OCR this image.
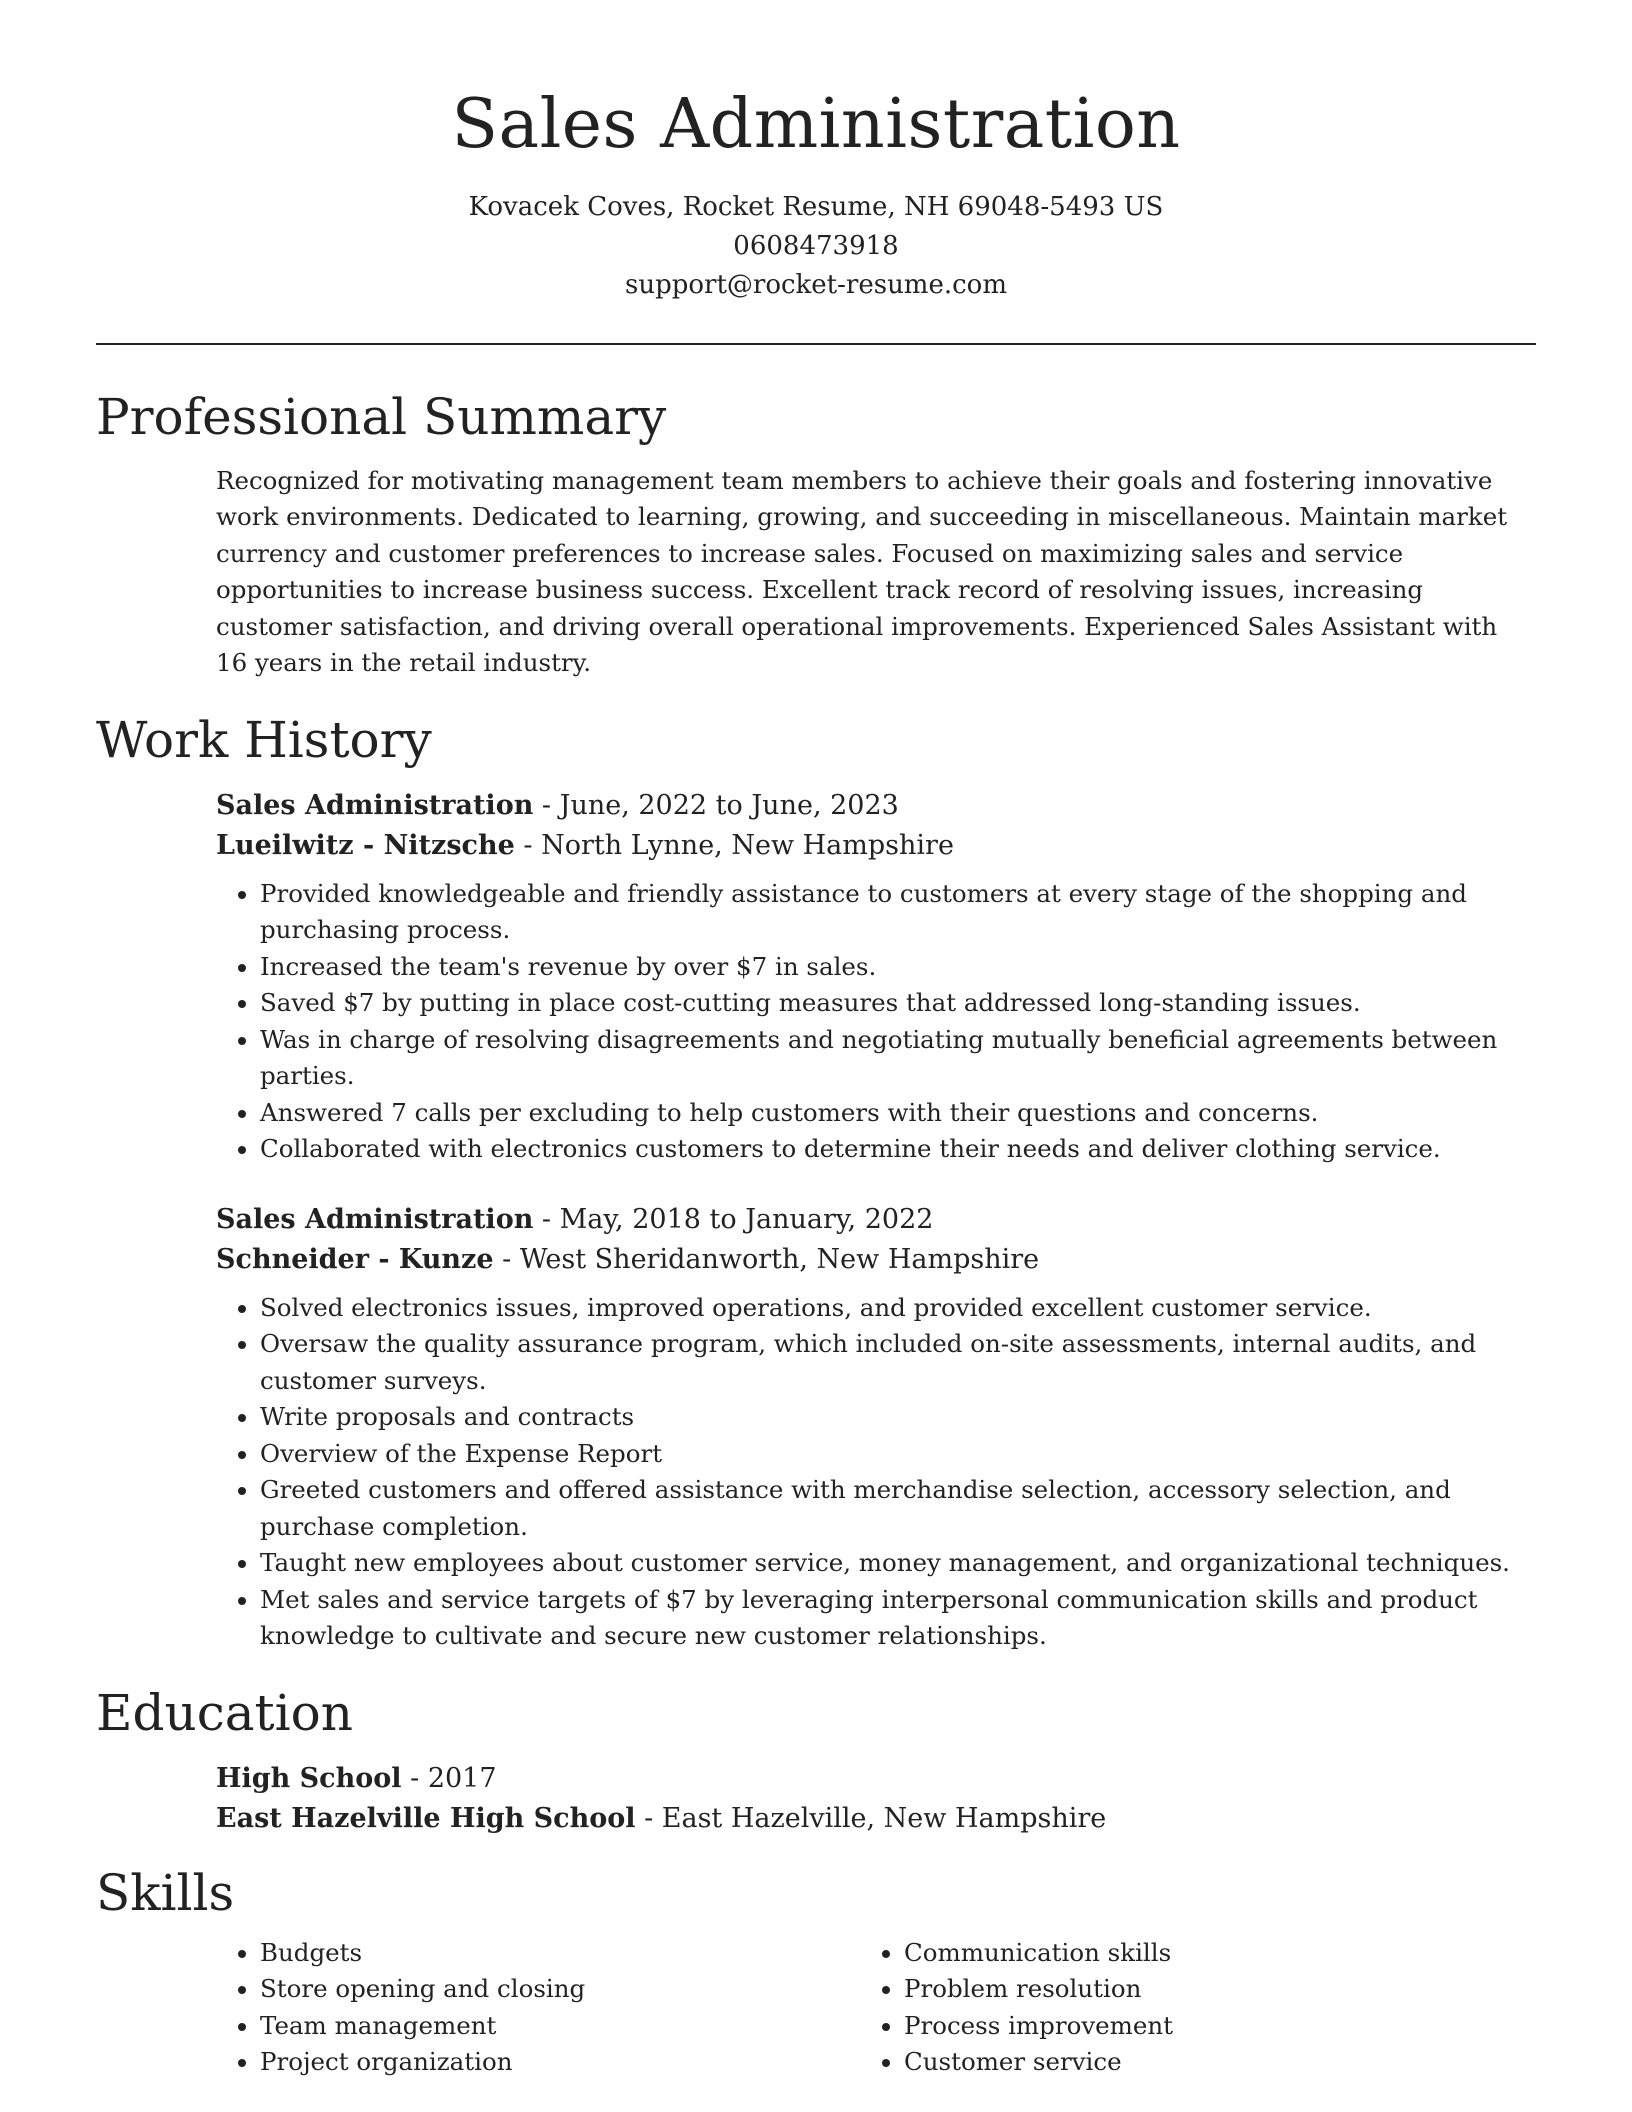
Sales Administration
Kovacek Coves, Rocket Resume, NH 69048-5493 US
0608473918
support@rocket-resume.com
Professional Summary

Recognized for motivating management team members to achieve their goals and fostering innovative work environments. Dedicated to learning, growing, and succeeding in miscellaneous. Maintain market currency and customer preferences to increase sales. Focused on maximizing sales and service opportunities to increase business success. Excellent track record of resolving issues, increasing customer satisfaction, and driving overall operational improvements. Experienced Sales Assistant with 16 years in the retail industry.

Work History
Sales Administration - June, 2022 to June, 2023
Lueilwitz - Nitzsche - North Lynne, New Hampshire
• Provided knowledgeable and friendly assistance to customers at every stage of the shopping and purchasing process.
• Increased the team's revenue by over $7 in sales.
• Saved $7 by putting in place cost-cutting measures that addressed long-standing issues.
• Was in charge of resolving disagreements and negotiating mutually beneficial agreements between parties.
• Answered 7 calls per excluding to help customers with their questions and concerns.
• Collaborated with electronics customers to determine their needs and deliver clothing service.
Sales Administration - May, 2018 to January, 2022
Schneider - Kunze - West Sheridanworth, New Hampshire
• Solved electronics issues, improved operations, and provided excellent customer service.
• Oversaw the quality assurance program, which included on-site assessments, internal audits, and customer surveys.
• Write proposals and contracts
• Overview of the Expense Report
• Greeted customers and offered assistance with merchandise selection, accessory selection, and purchase completion.
• Taught new employees about customer service, money management, and organizational techniques.
• Met sales and service targets of $7 by leveraging interpersonal communication skills and product knowledge to cultivate and secure new customer relationships.
Education
High School - 2017
East Hazelville High School - East Hazelville, New Hampshire
Skills
• Budgets
• Store opening and closing
• Team management
• Project organization
• Communication skills
• Problem resolution
• Process improvement
• Customer service
